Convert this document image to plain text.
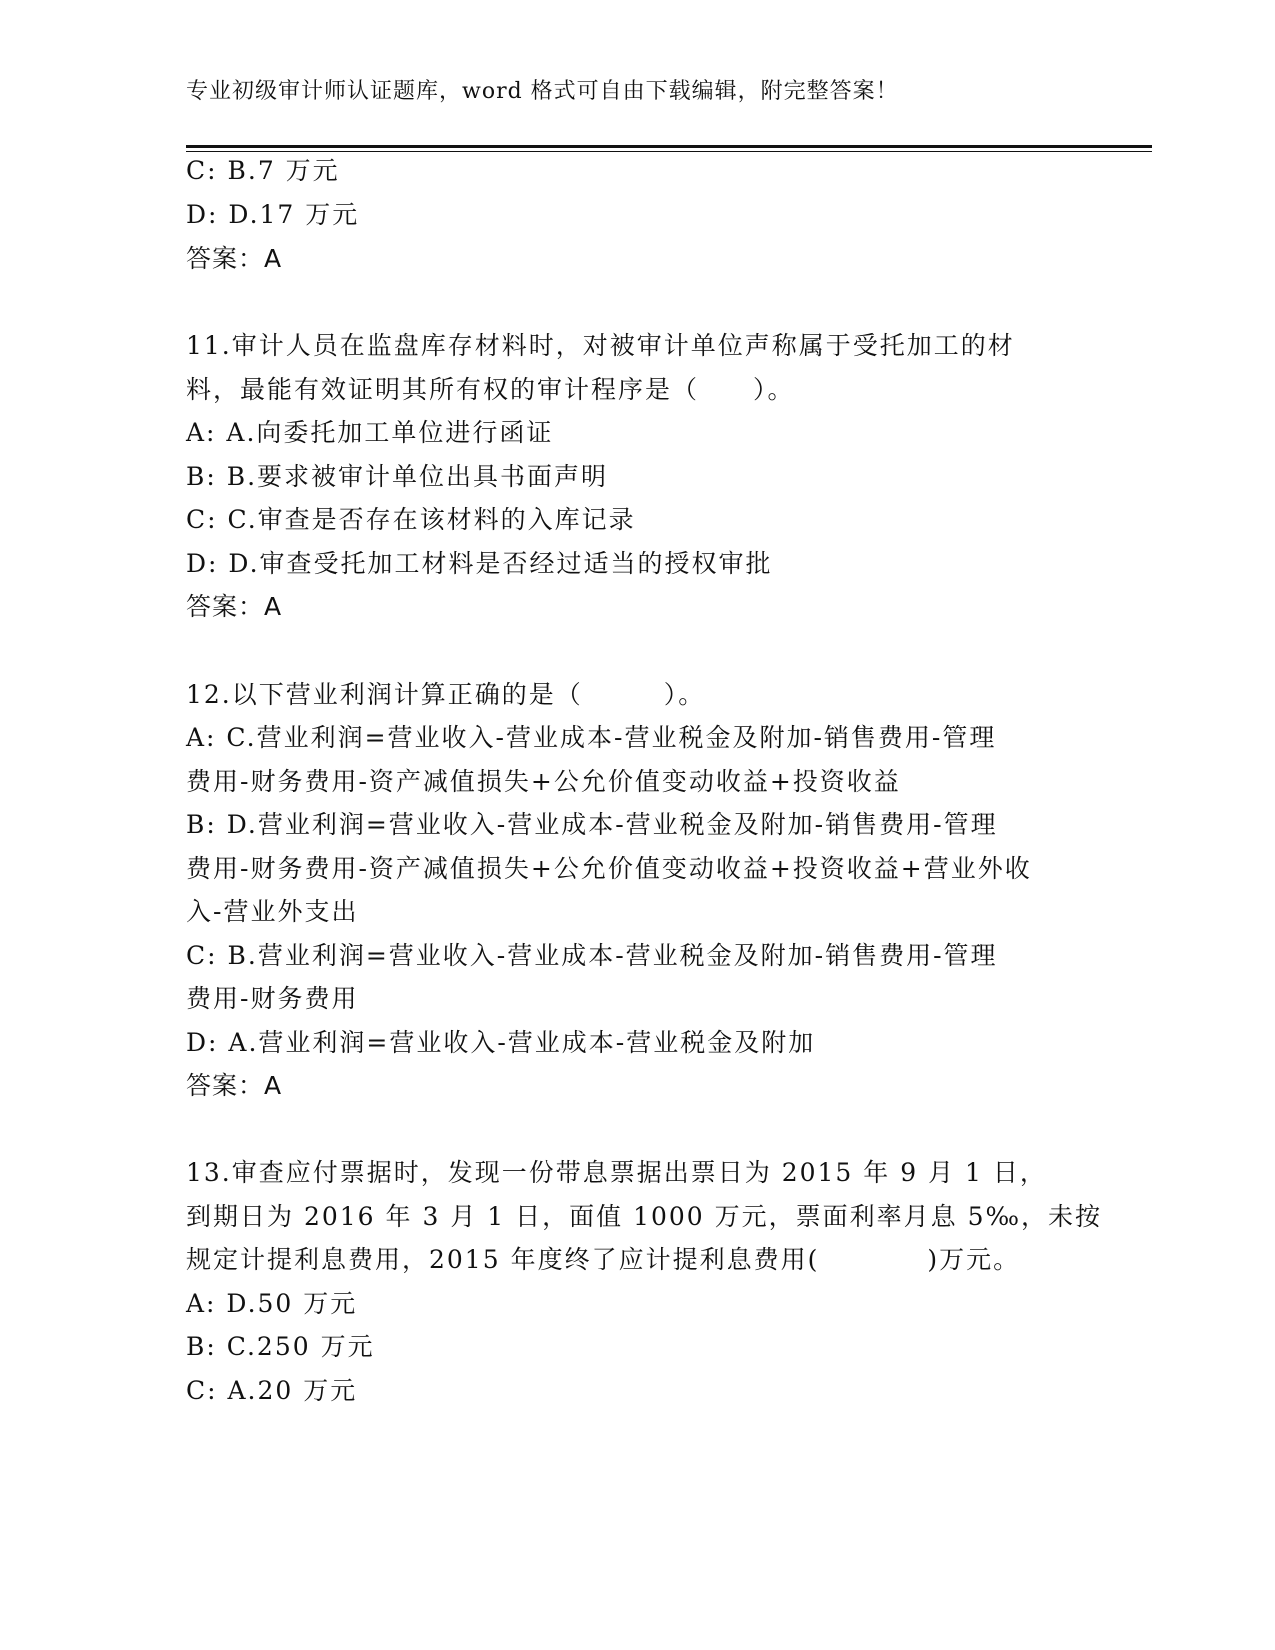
专业初级审计师认证题库，word 格式可自由下载编辑，附完整答案！
C: B.7 万元
D: D.17 万元
答案：A
11.审计人员在监盘库存材料时，对被审计单位声称属于受托加工的材
料，最能有效证明其所有权的审计程序是（　　）。
A: A.向委托加工单位进行函证
B: B.要求被审计单位出具书面声明
C: C.审查是否存在该材料的入库记录
D: D.审查受托加工材料是否经过适当的授权审批
答案：A
12.以下营业利润计算正确的是（　　　）。
A: C.营业利润=营业收入-营业成本-营业税金及附加-销售费用-管理
费用-财务费用-资产减值损失+公允价值变动收益+投资收益
B: D.营业利润=营业收入-营业成本-营业税金及附加-销售费用-管理
费用-财务费用-资产减值损失+公允价值变动收益+投资收益+营业外收
入-营业外支出
C: B.营业利润=营业收入-营业成本-营业税金及附加-销售费用-管理
费用-财务费用
D: A.营业利润=营业收入-营业成本-营业税金及附加
答案：A
13.审查应付票据时，发现一份带息票据出票日为 2015 年 9 月 1 日，
到期日为 2016 年 3 月 1 日，面值 1000 万元，票面利率月息 5‰，未按
规定计提利息费用，2015 年度终了应计提利息费用(　　　　)万元。
A: D.50 万元
B: C.250 万元
C: A.20 万元
